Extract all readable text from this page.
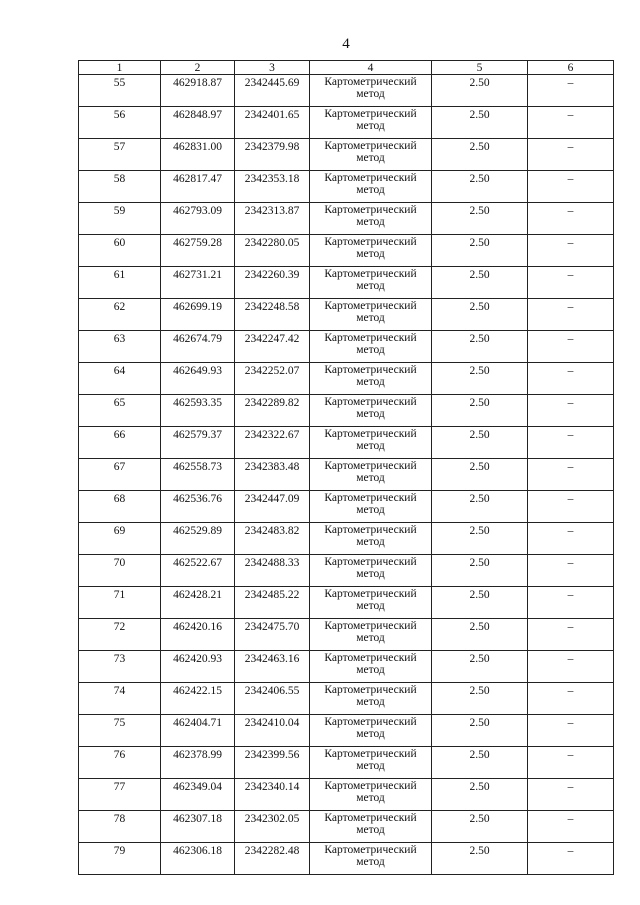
4
1	2	3	4	5	6
55	462918.87	2342445.69	Картометрический метод	2.50	–
56	462848.97	2342401.65	Картометрический метод	2.50	–
57	462831.00	2342379.98	Картометрический метод	2.50	–
58	462817.47	2342353.18	Картометрический метод	2.50	–
59	462793.09	2342313.87	Картометрический метод	2.50	–
60	462759.28	2342280.05	Картометрический метод	2.50	–
61	462731.21	2342260.39	Картометрический метод	2.50	–
62	462699.19	2342248.58	Картометрический метод	2.50	–
63	462674.79	2342247.42	Картометрический метод	2.50	–
64	462649.93	2342252.07	Картометрический метод	2.50	–
65	462593.35	2342289.82	Картометрический метод	2.50	–
66	462579.37	2342322.67	Картометрический метод	2.50	–
67	462558.73	2342383.48	Картометрический метод	2.50	–
68	462536.76	2342447.09	Картометрический метод	2.50	–
69	462529.89	2342483.82	Картометрический метод	2.50	–
70	462522.67	2342488.33	Картометрический метод	2.50	–
71	462428.21	2342485.22	Картометрический метод	2.50	–
72	462420.16	2342475.70	Картометрический метод	2.50	–
73	462420.93	2342463.16	Картометрический метод	2.50	–
74	462422.15	2342406.55	Картометрический метод	2.50	–
75	462404.71	2342410.04	Картометрический метод	2.50	–
76	462378.99	2342399.56	Картометрический метод	2.50	–
77	462349.04	2342340.14	Картометрический метод	2.50	–
78	462307.18	2342302.05	Картометрический метод	2.50	–
79	462306.18	2342282.48	Картометрический метод	2.50	–
